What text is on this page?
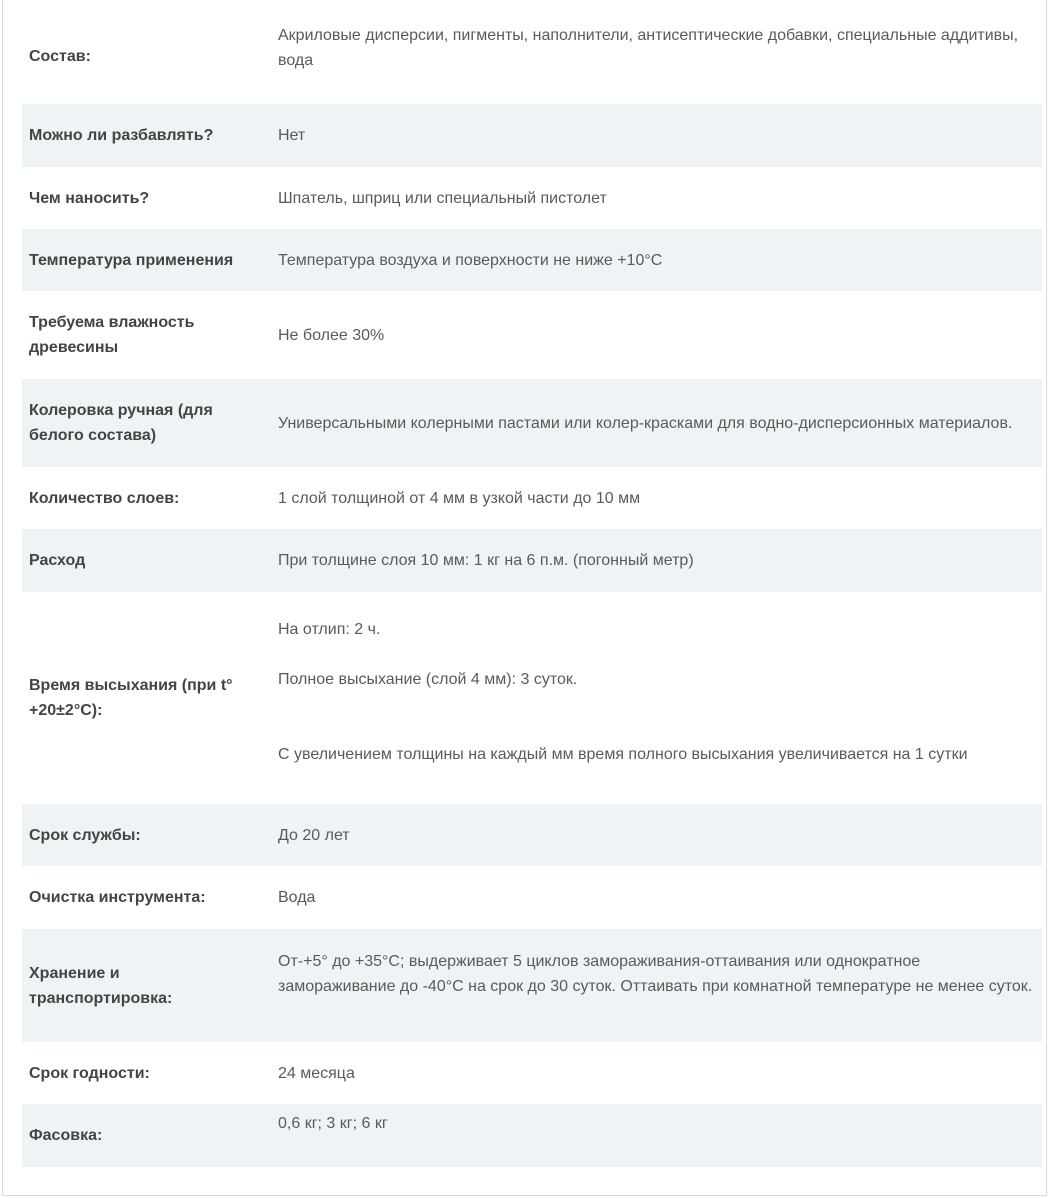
Состав:	Акриловые дисперсии, пигменты, наполнители, антисептические добавки, специальные аддитивы, вода
Можно ли разбавлять?	Нет
Чем наносить?	Шпатель, шприц или специальный пистолет
Температура применения	Температура воздуха и поверхности не ниже +10°С
Требуема влажность древесины	Не более 30%
Колеровка ручная (для белого состава)	Универсальными колерными пастами или колер-красками для водно-дисперсионных материалов.
Количество слоев:	1 слой толщиной от 4 мм в узкой части до 10 мм
Расход	При толщине слоя 10 мм: 1 кг на 6 п.м. (погонный метр)
Время высыхания (при t° +20±2°С):	На отлип: 2 ч.
Полное высыхание (слой 4 мм): 3 суток.
С увеличением толщины на каждый мм время полного высыхания увеличивается на 1 сутки

Срок службы:	До 20 лет
Очистка инструмента:	Вода
Хранение и транспортировка:	От-+5° до +35°С; выдерживает 5 циклов замораживания-оттаивания или однократное замораживание до -40°С на срок до 30 суток. Оттаивать при комнатной температуре не менее суток.
Срок годности:	24 месяца
Фасовка:	0,6 кг; 3 кг; 6 кг
